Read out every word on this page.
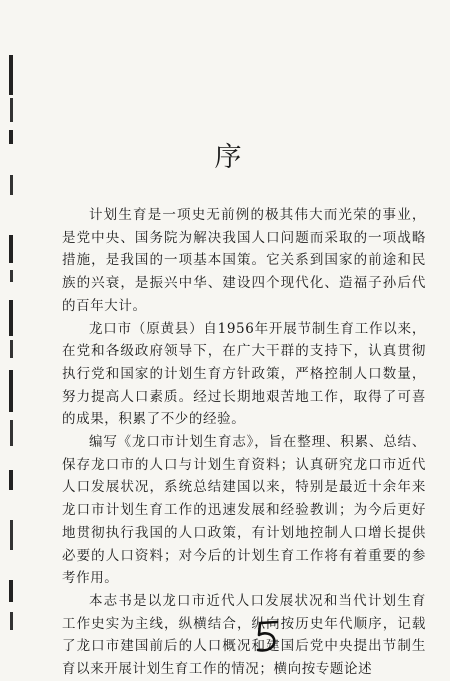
序

计划生育是一项史无前例的极其伟大而光荣的事业，是党中央、国务院为解决我国人口问题而采取的一项战略措施，是我国的一项基本国策。它关系到国家的前途和民族的兴衰，是振兴中华、建设四个现代化、造福子孙后代的百年大计。

龙口市（原黄县）自1956年开展节制生育工作以来，在党和各级政府领导下，在广大干群的支持下，认真贯彻执行党和国家的计划生育方针政策，严格控制人口数量，努力提高人口素质。经过长期地艰苦地工作，取得了可喜的成果，积累了不少的经验。

编写《龙口市计划生育志》，旨在整理、积累、总结、保存龙口市的人口与计划生育资料；认真研究龙口市近代人口发展状况，系统总结建国以来，特别是最近十余年来龙口市计划生育工作的迅速发展和经验教训；为今后更好地贯彻执行我国的人口政策，有计划地控制人口增长提供必要的人口资料；对今后的计划生育工作将有着重要的参考作用。

本志书是以龙口市近代人口发展状况和当代计划生育工作史实为主线，纵横结合，纵向按历史年代顺序，记载了龙口市建国前后的人口概况和建国后党中央提出节制生育以来开展计划生育工作的情况；横向按专题论述
